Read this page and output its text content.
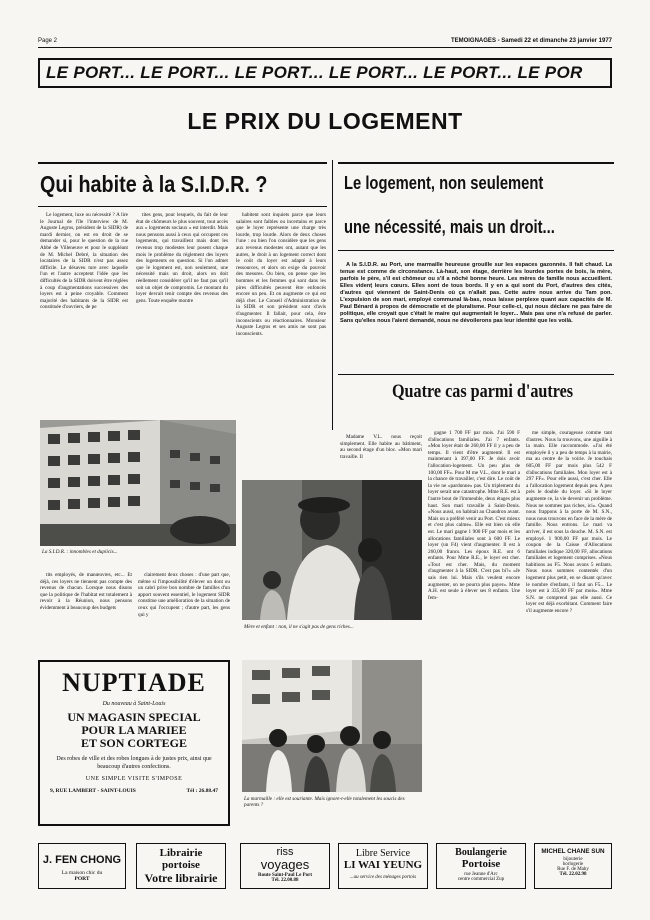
Page 2	TEMOIGNAGES - Samedi 22 et dimanche 23 janvier 1977
LE PORT... LE PORT... LE PORT... LE PORT... LE PORT... LE POR
LE PRIX DU LOGEMENT
Qui habite à la S.I.D.R. ?

Le logement, luxe ou nécessité ? A lire le Journal de l'île l'interview de M. Auguste Legros, président de la SIDR) de mardi dernier, on est en droit de se demander si, pour le question de la rue Abbé de Villeneuve et pour le suppléant de M. Michel Debré, la situation des locataires de la SIDR n'est pas assez difficile. Le désaveu ture avec laquelle l'un et l'autre acceptent l'idée que les difficultés de la SIDR doivent être réglées à coup d'augmentations successives des loyers est à peine croyable. Comment majorité des habitants de la SIDR est constituée d'ouvriers, de pe

tites gens, pour lesquels, du fait de leur état de chômeurs le plus souvent, tout accès aux « logements sociaux » est interdit. Mais nous pensons aussi à ceux qui occupent ces logements, qui travaillent mais dont les revenus trop modestes leur posent chaque mois le problème du règlement des loyers des logements en question. Si l'on admet que le logement est, non seulement, une nécessité mais un droit, alors on doit réellement considérer qu'il ne faut pas qu'il soit un objet de compromis. Le montant du loyer devrait tenir compte des revenus des gens. Toute enquête montre

habitent sont inquiets parce que leurs salaires sont faibles ou incertains et parce que le loyer représente une charge très lourde, trop lourde. Alors de deux choses l'une : ou bien l'on considère que les gens aux revenus modestes ont, autant que les autres, le droit à un logement correct dont le coût du loyer est adapté à leurs ressources, et alors on exige du pouvoir des mesures. Ou bien, on pense que les hommes et les femmes qui sont dans les pires difficultés peuvent être enfoncés encore un peu. Et on augmente ce qui est déjà cher. Le Conseil d'Administration de la SIDR et son président sont d'avis d'augmenter. Il fallait, pour cela, être inconscients ou réactionnaires. Monsieur Auguste Legros et ses amis ne sont pas inconscients.

La S.I.D.R. : innombles et dupiicis...

tits employés, de manœuvres, etc... Et déjà, ces loyers ne tiennent pas compte des revenus de chacun. Lorsque nous disons que la politique de l'habitat est totalement à revoir à la Réunion, nous pensons évidemment à beaucoup des budgets

clairement deux choses : d'une part que, même si l'impossibilité d'élever un dont ou un cabri prive bon nombre de familles d'un apport souvent essentiel, le logement SIDR constitue une amélioration de la situation de ceux qui l'occupent ; d'autre part, les gens qui y

NUPTIADE
Du nouveau à Saint-Louis
UN MAGASIN SPECIAL
POUR LA MARIEE
ET SON CORTEGE
Des robes de ville et des robes longues à de justes prix, ainsi que beaucoup d'autres confections.
UNE SIMPLE VISITE S'IMPOSE
9, RUE LAMBERT - SAINT-LOUIS	Tél : 26.88.47
Le logement, non seulement
une nécessité, mais un droit...

A la S.I.D.R. au Port, une marmaille heureuse grouille sur les espaces gazonnés. Il fait chaud. La tenue est comme de circonstance. Là-haut, son étage, derrière les lourdes portes de bois, la mère, parfois le père, s'il est chômeur ou s'il a nôché bonne heure. Les mères de famille nous accueillent. Elles videnț leurs cœurs. Elles sont de tous bords. Il y en a qui sont du Port, d'autres des cités, d'autres qui viennent de Saint-Denis où ça n'allait pas. Cette autre nous arrive du Tam pon. L'expulsion de son mari, employé communal là-bas, nous laisse perplexe quant aux capacités de M. Paul Bénard à propos de démocratie et de pluralisme. Pour celle-ci, qui nous déclare ne pas faire de politique, elle croyait que c'était le maire qui augmentait le loyer... Mais pas une n'a refusé de parler. Sans qu'elles nous l'aient demandé, nous ne dévoilerons pas leur identité que les voilà.

Quatre cas parmi d'autres

Madame V.L. nous reçoit simplement. Elle habite au bâtiment, au second étage d'un bloc. «Mon mari travaille. Il

gagne 1 700 FF par mois. J'ai 590 F d'allocations familiales. J'ai 7 enfants. «Mon loyer était de 260,00 FF il y a peu de temps. Il vient d'être augmenté. Il est maintenant à 397,00 FF. Je dois avoir l'allocation-logement. Un peu plus de 100,00 FF». Pour M me V.L., dont le mari a la chance de travailler, c'est dire. Le coût de la vie ne «pardonne» pas. Un triplement du loyer serait une catastrophe. Mme R.E. est à l'autre bout de l'immeuble, deux étages plus haut. Son mari travaille à Saint-Denis. «Nous aussi, on habitait au Chaudron avant. Mais on a préféré venir au Port. C'est mieux et c'est plus calme». Elle est bien où elle est. Le mari gagne 1 900 FF par mois et les allocations familiales sont à 600 FF. Le loyer (un F4) vient d'augmenter. Il est à 260,00 francs. Les époux R.E. ont 6 enfants. Pour Mme R.E., le loyer est cher. «Tout est cher. Mais, du moment d'augmenter à la SIDR. C'est pas bi?» «Je sais rien lui. Mais s'ils veulent encore augmenter, on ne pourra plus payer». Mme A.H. est seule à élever ses 8 enfants. Une fem-

me simple, courageuse comme tant d'autres. Nous la trouvons, une aiguille à la main. Elle raccommode. «J'ai été employée il y a peu de temps à la mairie, ma au centre de la voirie. Je touchais 605,00 FF par mois plus 542 F d'allocations familiales. Mon loyer est à 297 FF». Pour elle aussi, c'est cher. Elle a l'allocation logement depuis peu. A peu près le double du loyer. «Si le loyer augmente ce, la vie devenir un problème. Nous ne sommes pas riches, ici». Quand nous frappons à la porte de M. S.N., nous nous trouvons en face de la mère de famille. Nous entrons. Le mari va arriver, il est sous la douche. M. S.N. est employé. 1 900,00 FF par mois. Le coupon de la Caisse d'Allocations familiales indique 320,00 FF, allocations familiales et logement comprises. «Nous habitions au F5. Nous avons 5 enfants. Nous nous sommes contentés d'un logement plus petit, en se disant qu'avec le nombre d'enfants, il faut un F5... Le loyer est à 335,00 FF par mois». Mme S.N. ne comprend pas elle aussi. Ce loyer est déjà exorbitant. Comment faire s'il augmente encore ?

Mère et enfant : non, il ne s'agit pas de gens riches...
La marmaille : elle est souriante. Mais ignore-t-elle totalement les soucis des parents ?
J. FEN CHONG
La maison chic du
PORT
Librairie
portoise
Votre librairie
riss
voyages
Route Saint-Paul Le Port
Tél. 22.00.88
Libre Service
LI WAI YEUNG
...au service des ménages portois
Boulangerie
Portoise
rue Jeanne d'Arc
centre commercial Zup
MICHEL CHANE SUN
bijouterie
horlogerie
Rue F. de Mahy
Tél. 22.02.98
